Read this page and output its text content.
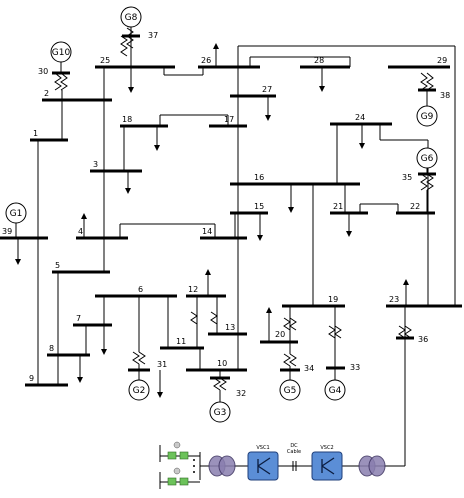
G1
G2
G3
G4
G5
G6
G8
G9
G10
1
2
3
4
5
6
7
8
9
10
11
12
13
14
15
16
17
18
19
20
21	22
23
24
25	26
27
28	29
30
31
32
33
34
35
36
37
38
39
VSC1	VSC2
DC
Cable
